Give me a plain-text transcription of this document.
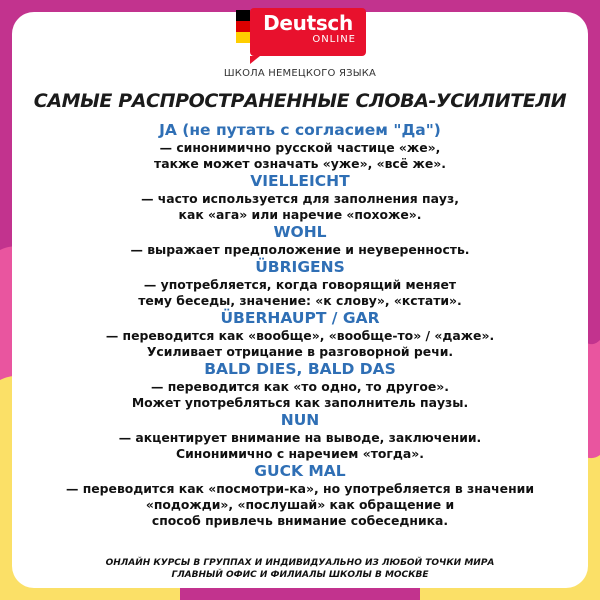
Deutsch
ONLINE
ШКОЛА НЕМЕЦКОГО ЯЗЫКА
САМЫЕ РАСПРОСТРАНЕННЫЕ СЛОВА-УСИЛИТЕЛИ
JA (не путать с согласием "Да")
— синонимично русской частице «же»,
также может означать «уже», «всё же».
VIELLEICHT
— часто используется для заполнения пауз,
как «ага» или наречие «похоже».
WOHL
— выражает предположение и неуверенность.
ÜBRIGENS
— употребляется, когда говорящий меняет
тему беседы, значение: «к слову», «кстати».
ÜBERHAUPT / GAR
— переводится как «вообще», «вообще-то» / «даже».
Усиливает отрицание в разговорной речи.
BALD DIES, BALD DAS
— переводится как «то одно, то другое».
Может употребляться как заполнитель паузы.
NUN
— акцентирует внимание на выводе, заключении.
Синонимично с наречием «тогда».
GUCK MAL
— переводится как «посмотри-ка», но употребляется в значении
«подожди», «послушай» как обращение и
способ привлечь внимание собеседника.
ОНЛАЙН КУРСЫ В ГРУППАХ И ИНДИВИДУАЛЬНО ИЗ ЛЮБОЙ ТОЧКИ МИРА
ГЛАВНЫЙ ОФИС И ФИЛИАЛЫ ШКОЛЫ В МОСКВЕ
